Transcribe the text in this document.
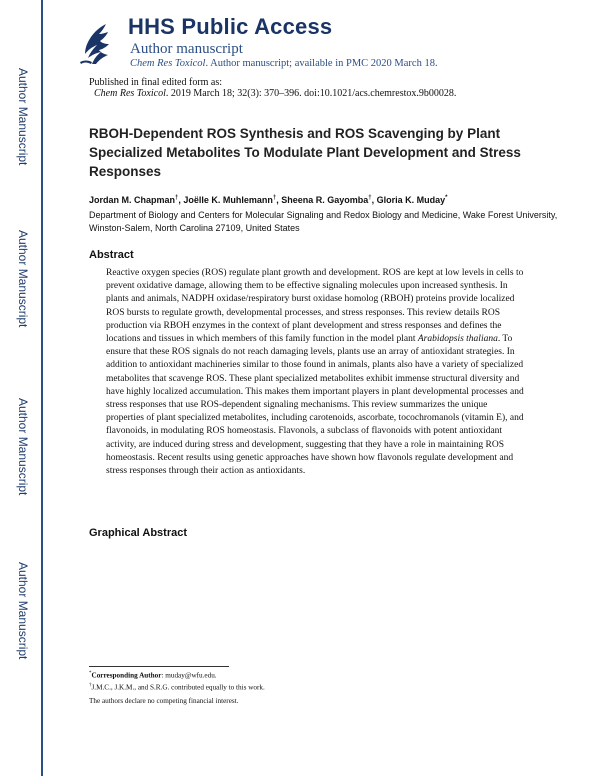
Author Manuscript
Author Manuscript
Author Manuscript
Author Manuscript
HHS Public Access
Author manuscript
Chem Res Toxicol. Author manuscript; available in PMC 2020 March 18.
Published in final edited form as:
Chem Res Toxicol. 2019 March 18; 32(3): 370–396. doi:10.1021/acs.chemrestox.9b00028.
RBOH-Dependent ROS Synthesis and ROS Scavenging by Plant Specialized Metabolites To Modulate Plant Development and Stress Responses
Jordan M. Chapman†, Joëlle K. Muhlemann†, Sheena R. Gayomba†, Gloria K. Muday*
Department of Biology and Centers for Molecular Signaling and Redox Biology and Medicine, Wake Forest University, Winston-Salem, North Carolina 27109, United States
Abstract

Reactive oxygen species (ROS) regulate plant growth and development. ROS are kept at low levels in cells to prevent oxidative damage, allowing them to be effective signaling molecules upon increased synthesis. In plants and animals, NADPH oxidase/respiratory burst oxidase homolog (RBOH) proteins provide localized ROS bursts to regulate growth, developmental processes, and stress responses. This review details ROS production via RBOH enzymes in the context of plant development and stress responses and defines the locations and tissues in which members of this family function in the model plant Arabidopsis thaliana. To ensure that these ROS signals do not reach damaging levels, plants use an array of antioxidant strategies. In addition to antioxidant machineries similar to those found in animals, plants also have a variety of specialized metabolites that scavenge ROS. These plant specialized metabolites exhibit immense structural diversity and have highly localized accumulation. This makes them important players in plant developmental processes and stress responses that use ROS-dependent signaling mechanisms. This review summarizes the unique properties of plant specialized metabolites, including carotenoids, ascorbate, tocochromanols (vitamin E), and flavonoids, in modulating ROS homeostasis. Flavonols, a subclass of flavonoids with potent antioxidant activity, are induced during stress and development, suggesting that they have a role in maintaining ROS homeostasis. Recent results using genetic approaches have shown how flavonols regulate development and stress responses through their action as antioxidants.

Graphical Abstract
*Corresponding Author: muday@wfu.edu.
†J.M.C., J.K.M., and S.R.G. contributed equally to this work.
The authors declare no competing financial interest.
